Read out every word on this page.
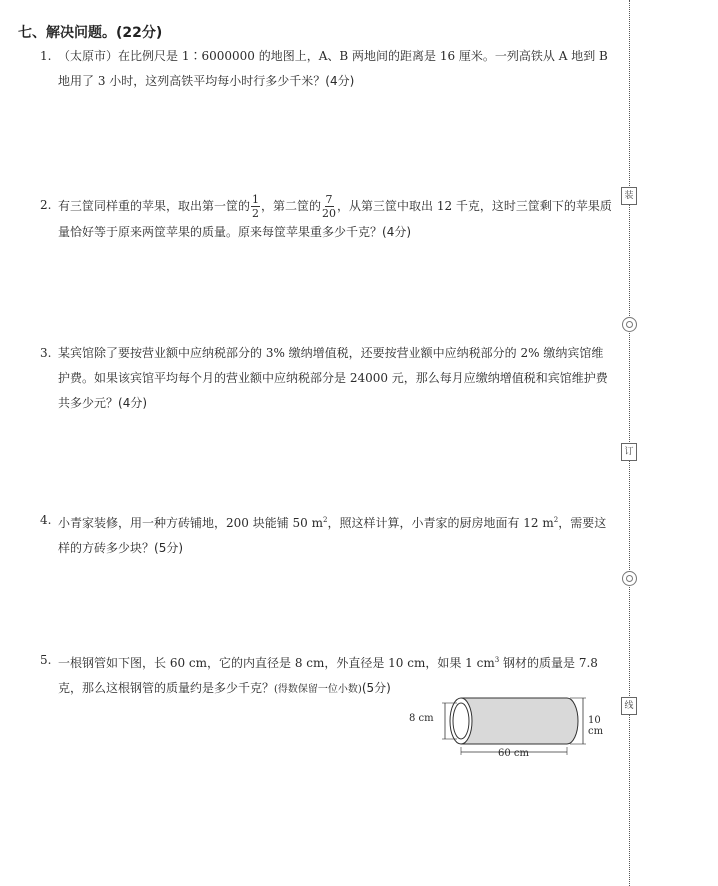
七、解决问题。(22分)
1. （太原市）在比例尺是 1∶6000000 的地图上，A、B 两地间的距离是 16 厘米。一列高铁从 A 地到 B 地用了 3 小时，这列高铁平均每小时行多少千米？(4分)
2. 有三筐同样重的苹果，取出第一筐的 $\frac{1}{2}$ ，第二筐的 $\frac{7}{20}$ ，从第三筐中取出 12 千克，这时三筐剩下的苹果质量恰好等于原来两筐苹果的质量。原来每筐苹果重多少千克？(4分)
3. 某宾馆除了要按营业额中应纳税部分的 3% 缴纳增值税，还要按营业额中应纳税部分的 2% 缴纳宾馆维护费。如果该宾馆平均每个月的营业额中应纳税部分是 24000 元，那么每月应缴纳增值税和宾馆维护费共多少元？(4分)
4. 小青家装修，用一种方砖铺地，200 块能铺 50 $m^2$，照这样计算，小青家的厨房地面有 12 $m^2$，需要这样的方砖多少块？(5分)
5. 一根钢管如下图，长 60 cm，它的内直径是 8 cm，外直径是 10 cm，如果 1 $cm^3$ 钢材的质量是 7.8 克，那么这根钢管的质量约是多少千克？(得数保留一位小数)(5分)
8 cm	10 cm
60 cm
装
订
线
